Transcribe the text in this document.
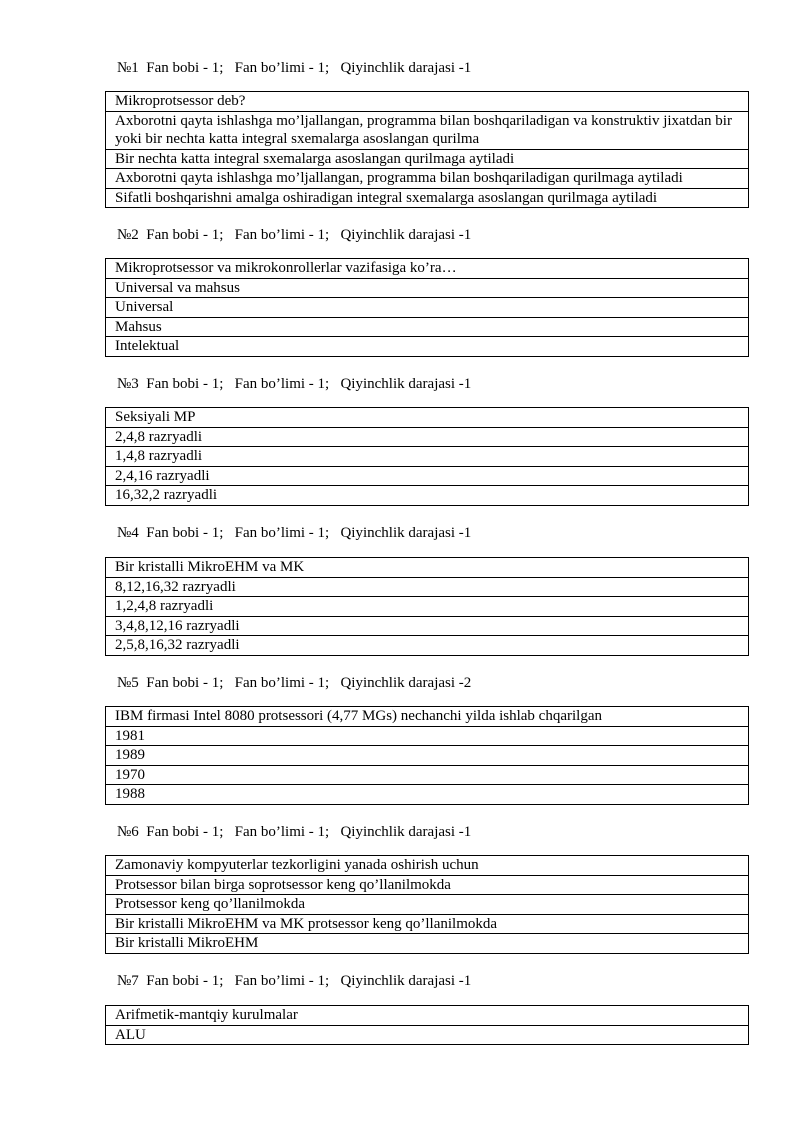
№1  Fan bobi - 1;   Fan bo’limi - 1;   Qiyinchlik darajasi -1
Mikroprotsessor deb?
Axborotni qayta ishlashga mo’ljallangan, programma bilan boshqariladigan va konstruktiv jixatdan bir yoki bir nechta katta integral sxemalarga asoslangan qurilma
Bir nechta katta integral sxemalarga asoslangan qurilmaga aytiladi
Axborotni qayta ishlashga mo’ljallangan, programma bilan boshqariladigan qurilmaga aytiladi
Sifatli boshqarishni amalga oshiradigan integral sxemalarga asoslangan qurilmaga aytiladi
№2  Fan bobi - 1;   Fan bo’limi - 1;   Qiyinchlik darajasi -1
Mikroprotsessor va mikrokonrollerlar vazifasiga ko’ra…
Universal va mahsus
Universal
Mahsus
Intelektual
№3  Fan bobi - 1;   Fan bo’limi - 1;   Qiyinchlik darajasi -1
Seksiyali MP
2,4,8 razryadli
1,4,8 razryadli
2,4,16 razryadli
16,32,2 razryadli
№4  Fan bobi - 1;   Fan bo’limi - 1;   Qiyinchlik darajasi -1
Bir kristalli MikroEHM va MK
8,12,16,32 razryadli
1,2,4,8 razryadli
3,4,8,12,16 razryadli
2,5,8,16,32 razryadli
№5  Fan bobi - 1;   Fan bo’limi - 1;   Qiyinchlik darajasi -2
IBM firmasi Intel 8080 protsessori (4,77 MGs) nechanchi yilda ishlab chqarilgan
1981
1989
1970
1988
№6  Fan bobi - 1;   Fan bo’limi - 1;   Qiyinchlik darajasi -1
Zamonaviy kompyuterlar tezkorligini yanada oshirish uchun
Protsessor bilan birga soprotsessor keng qo’llanilmokda
Protsessor keng qo’llanilmokda
Bir kristalli MikroEHM va MK protsessor keng qo’llanilmokda
Bir kristalli MikroEHM
№7  Fan bobi - 1;   Fan bo’limi - 1;   Qiyinchlik darajasi -1
Arifmetik-mantqiy kurulmalar
ALU
